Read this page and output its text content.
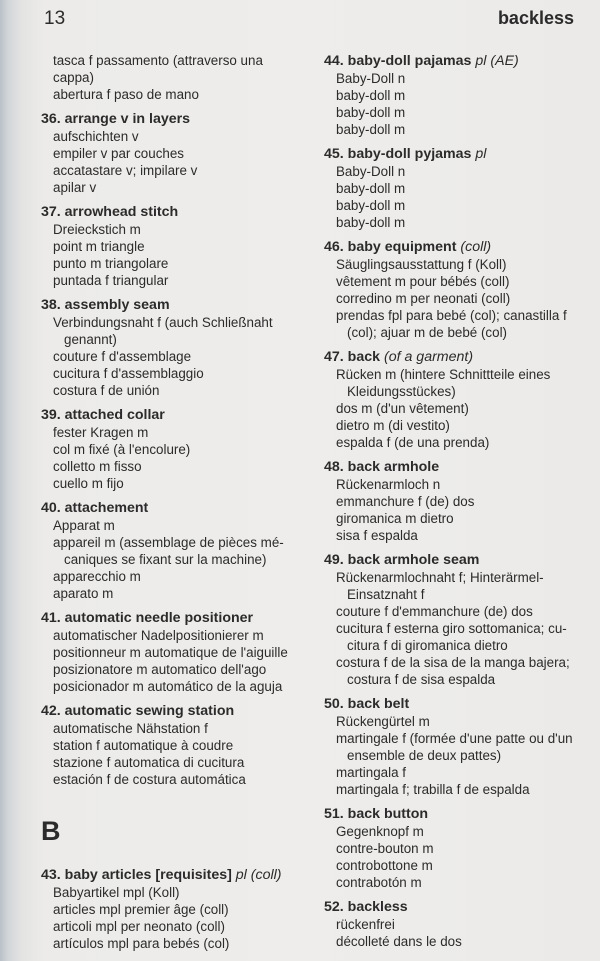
13	backless
tasca f passamento (attraverso una
cappa)
abertura f paso de mano
36. arrange v in layers
aufschichten v
empiler v par couches
accatastare v; impilare v
apilar v
37. arrowhead stitch
Dreieckstich m
point m triangle
punto m triangolare
puntada f triangular
38. assembly seam
Verbindungsnaht f (auch Schließnaht
genannt)
couture f d'assemblage
cucitura f d'assemblaggio
costura f de unión
39. attached collar
fester Kragen m
col m fixé (à l'encolure)
colletto m fisso
cuello m fijo
40. attachement
Apparat m
appareil m (assemblage de pièces mé-
caniques se fixant sur la machine)
apparecchio m
aparato m
41. automatic needle positioner
automatischer Nadelpositionierer m
positionneur m automatique de l'aiguille
posizionatore m automatico dell'ago
posicionador m automático de la aguja
42. automatic sewing station
automatische Nähstation f
station f automatique à coudre
stazione f automatica di cucitura
estación f de costura automática
B
43. baby articles [requisites] pl (coll)
Babyartikel mpl (Koll)
articles mpl premier âge (coll)
articoli mpl per neonato (coll)
artículos mpl para bebés (col)
44. baby-doll pajamas pl (AE)
Baby-Doll n
baby-doll m
baby-doll m
baby-doll m
45. baby-doll pyjamas pl
Baby-Doll n
baby-doll m
baby-doll m
baby-doll m
46. baby equipment (coll)
Säuglingsausstattung f (Koll)
vêtement m pour bébés (coll)
corredino m per neonati (coll)
prendas fpl para bebé (col); canastilla f
(col); ajuar m de bebé (col)
47. back (of a garment)
Rücken m (hintere Schnittteile eines
Kleidungsstückes)
dos m (d'un vêtement)
dietro m (di vestito)
espalda f (de una prenda)
48. back armhole
Rückenarmloch n
emmanchure f (de) dos
giromanica m dietro
sisa f espalda
49. back armhole seam
Rückenarmlochnaht f; Hinterärmel-
Einsatznaht f
couture f d'emmanchure (de) dos
cucitura f esterna giro sottomanica; cu-
citura f di giromanica dietro
costura f de la sisa de la manga bajera;
costura f de sisa espalda
50. back belt
Rückengürtel m
martingale f (formée d'une patte ou d'un
ensemble de deux pattes)
martingala f
martingala f; trabilla f de espalda
51. back button
Gegenknopf m
contre-bouton m
controbottone m
contrabotón m
52. backless
rückenfrei
décolleté dans le dos
